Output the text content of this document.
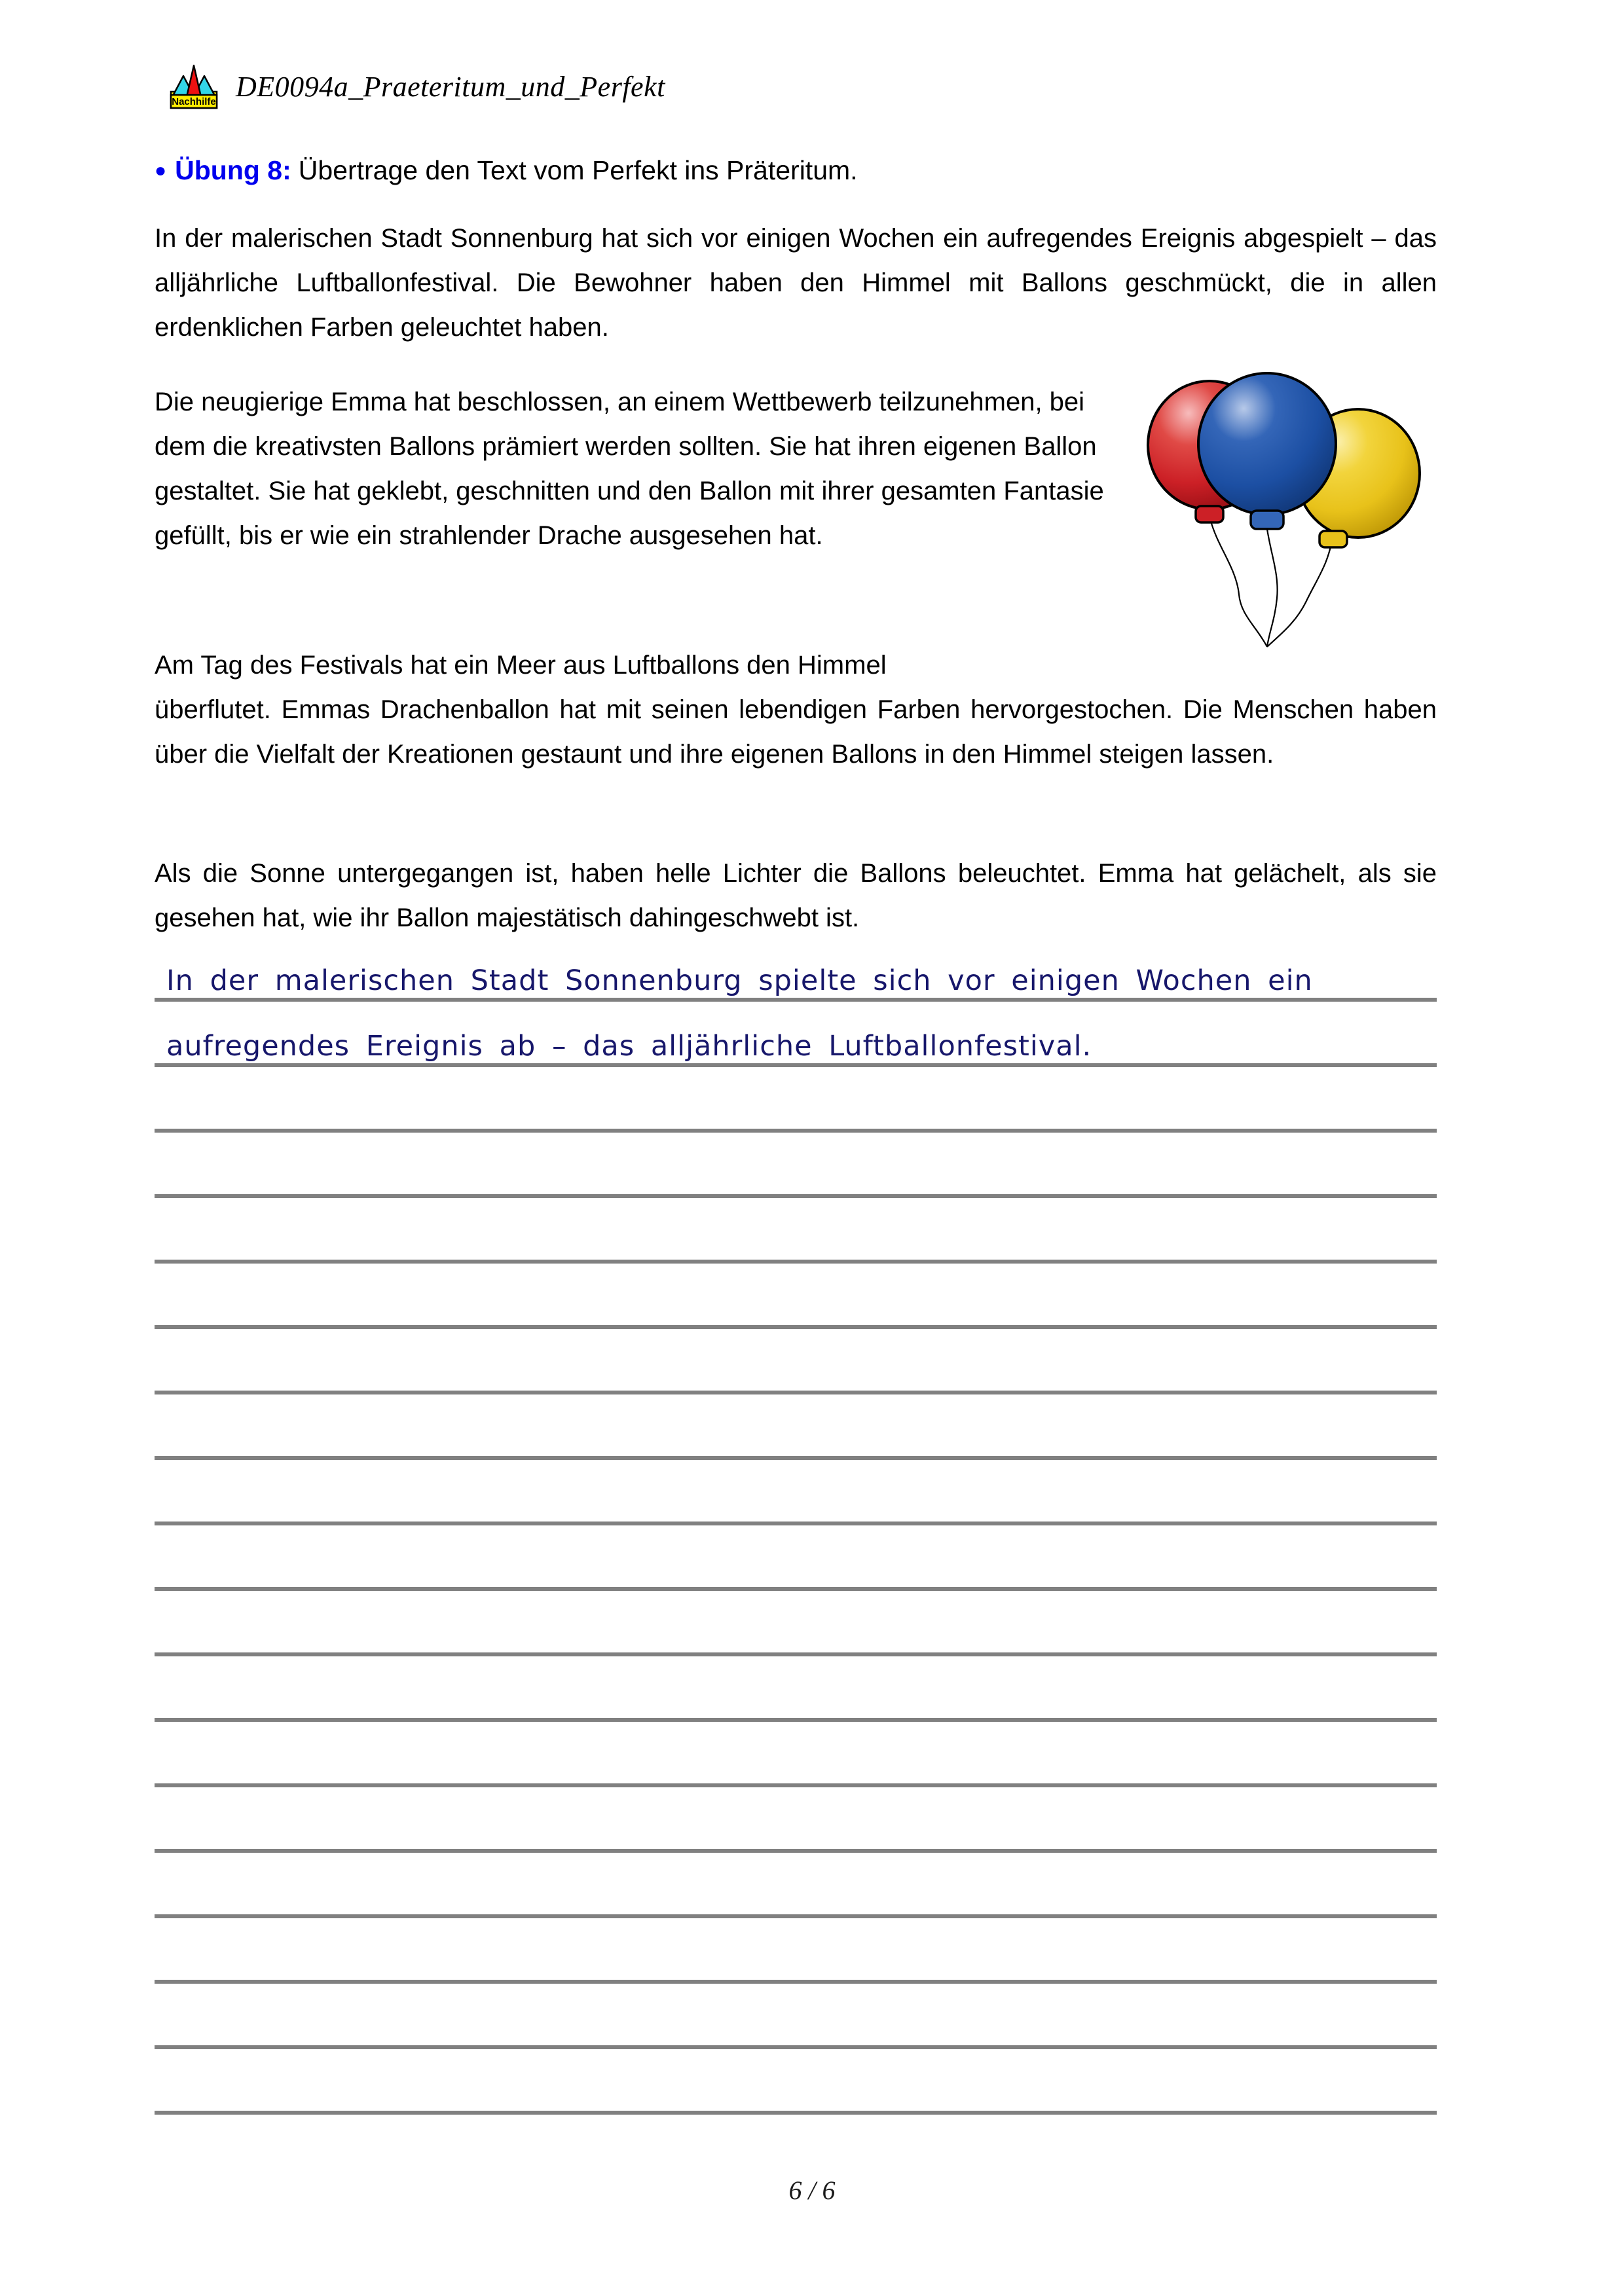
Nachhilfe DE0094a_Praeteritum_und_Perfekt
● Übung 8: Übertrage den Text vom Perfekt ins Präteritum.
In der malerischen Stadt Sonnenburg hat sich vor einigen Wochen ein aufregendes Ereignis abgespielt – das alljährliche Luftballonfestival. Die Bewohner haben den Himmel mit Ballons geschmückt, die in allen erdenklichen Farben geleuchtet haben.
Die neugierige Emma hat beschlossen, an einem Wettbewerb teilzunehmen, bei dem die kreativsten Ballons prämiert werden sollten. Sie hat ihren eigenen Ballon gestaltet. Sie hat geklebt, geschnitten und den Ballon mit ihrer gesamten Fantasie gefüllt, bis er wie ein strahlender Drache ausgesehen hat.
Am Tag des Festivals hat ein Meer aus Luftballons den Himmel
überflutet. Emmas Drachenballon hat mit seinen lebendigen Farben hervorgestochen. Die Menschen haben über die Vielfalt der Kreationen gestaunt und ihre eigenen Ballons in den Himmel steigen lassen.
Als die Sonne untergegangen ist, haben helle Lichter die Ballons beleuchtet. Emma hat gelächelt, als sie gesehen hat, wie ihr Ballon majestätisch dahingeschwebt ist.
In der malerischen Stadt Sonnenburg spielte sich vor einigen Wochen ein
aufregendes Ereignis ab – das alljährliche Luftballonfestival.
6 / 6
